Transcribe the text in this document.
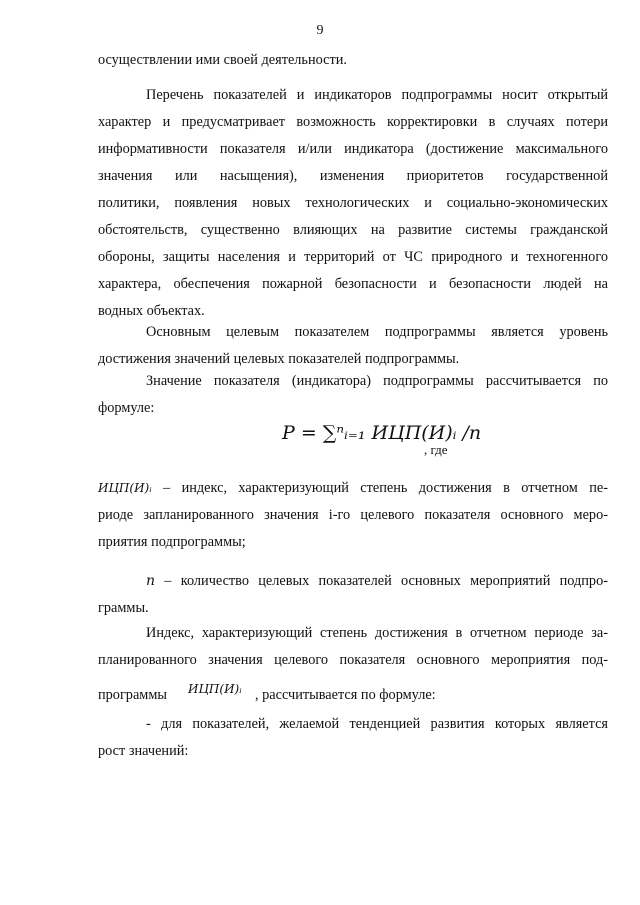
9
осуществлении ими своей деятельности.
Перечень показателей и индикаторов подпрограммы носит открытый
характер и предусматривает возможность корректировки в случаях потери
информативности показателя и/или индикатора (достижение максимального
значения или насыщения), изменения приоритетов государственной
политики, появления новых технологических и социально-экономических
обстоятельств, существенно влияющих на развитие системы гражданской
обороны, защиты населения и территорий от ЧС природного и техногенного
характера, обеспечения пожарной безопасности и безопасности людей на
водных объектах.
Основным целевым показателем подпрограммы является уровень
достижения значений целевых показателей подпрограммы.
Значение показателя (индикатора) подпрограммы рассчитывается по
формуле:
P = ∑ⁿᵢ₌₁ ИЦП(И)ᵢ /n
, где
ИЦП(И)ᵢ – индекс, характеризующий степень достижения в отчетном пе-
риоде запланированного значения i-го целевого показателя основного меро-
приятия подпрограммы;
n – количество целевых показателей основных мероприятий подпро-
граммы.
Индекс, характеризующий степень достижения в отчетном периоде за-
планированного значения целевого показателя основного мероприятия под-
программы ИЦП(И)ᵢ , рассчитывается по формуле:
- для показателей, желаемой тенденцией развития которых является
рост значений:
